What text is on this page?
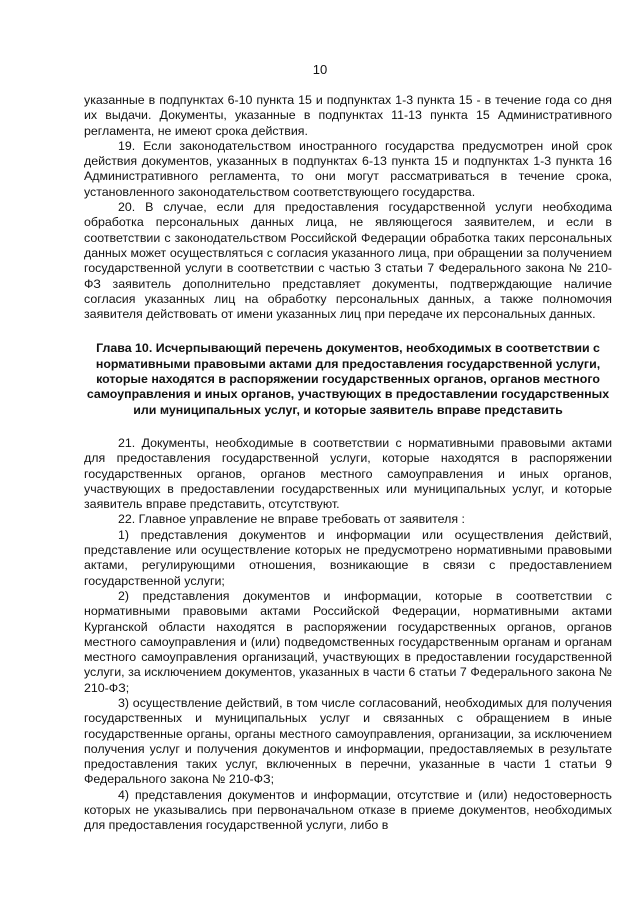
10

указанные в подпунктах 6-10 пункта 15 и подпунктах 1-3 пункта 15 - в течение года со дня их выдачи. Документы, указанные в подпунктах 11-13 пункта 15 Административного регламента, не имеют срока действия.

19. Если законодательством иностранного государства предусмотрен иной срок действия документов, указанных в подпунктах 6-13 пункта 15 и подпунктах 1-3 пункта 16 Административного регламента, то они могут рассматриваться в течение срока, установленного законодательством соответствующего государства.

20. В случае, если для предоставления государственной услуги необходима обработка персональных данных лица, не являющегося заявителем, и если в соответствии с законодательством Российской Федерации обработка таких персональных данных может осуществляться с согласия указанного лица, при обращении за получением государственной услуги в соответствии с частью 3 статьи 7 Федерального закона № 210-ФЗ заявитель дополнительно представляет документы, подтверждающие наличие согласия указанных лиц на обработку персональных данных, а также полномочия заявителя действовать от имени указанных лиц при передаче их персональных данных.

Глава 10. Исчерпывающий перечень документов, необходимых в соответствии с нормативными правовыми актами для предоставления государственной услуги, которые находятся в распоряжении государственных органов, органов местного самоуправления и иных органов, участвующих в предоставлении государственных или муниципальных услуг, и которые заявитель вправе представить

21. Документы, необходимые в соответствии с нормативными правовыми актами для предоставления государственной услуги, которые находятся в распоряжении государственных органов, органов местного самоуправления и иных органов, участвующих в предоставлении государственных или муниципальных услуг, и которые заявитель вправе представить, отсутствуют.

22. Главное управление не вправе требовать от заявителя :

1) представления документов и информации или осуществления действий, представление или осуществление которых не предусмотрено нормативными правовыми актами, регулирующими отношения, возникающие в связи с предоставлением государственной услуги;

2) представления документов и информации, которые в соответствии с нормативными правовыми актами Российской Федерации, нормативными актами Курганской области находятся в распоряжении государственных органов, органов местного самоуправления и (или) подведомственных государственным органам и органам местного самоуправления организаций, участвующих в предоставлении государственной услуги, за исключением документов, указанных в части 6 статьи 7 Федерального закона № 210-ФЗ;

3) осуществление действий, в том числе согласований, необходимых для получения государственных и муниципальных услуг и связанных с обращением в иные государственные органы, органы местного самоуправления, организации, за исключением получения услуг и получения документов и информации, предоставляемых в результате предоставления таких услуг, включенных в перечни, указанные в части 1 статьи 9 Федерального закона № 210-ФЗ;

4) представления документов и информации, отсутствие и (или) недостоверность которых не указывались при первоначальном отказе в приеме документов, необходимых для предоставления государственной услуги, либо в
